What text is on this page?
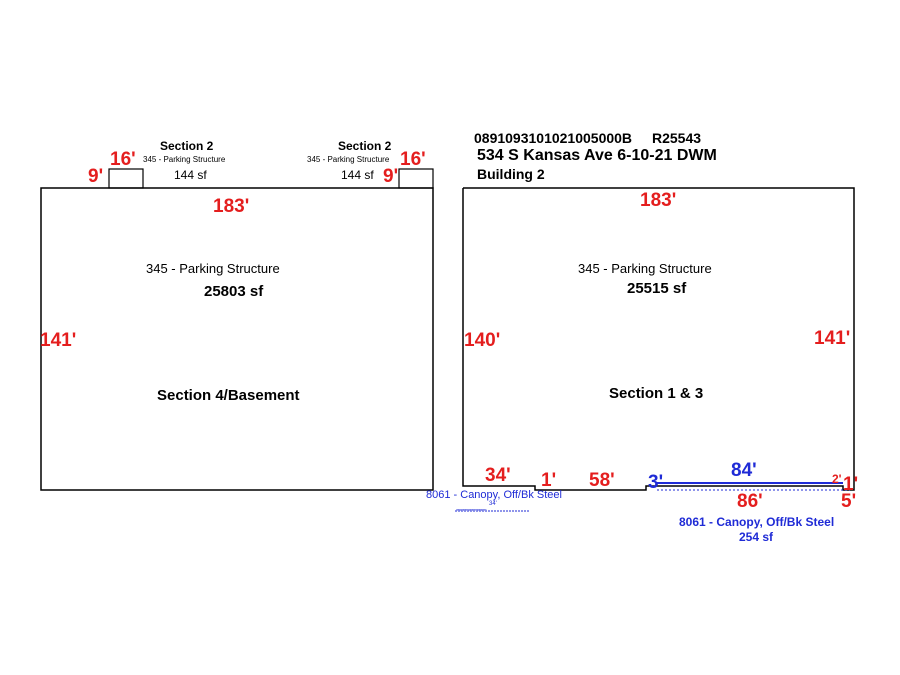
0891093101021005000B R25543
534 S Kansas Ave 6-10-21 DWM
Building 2
Section 2
345 - Parking Structure
144 sf
16'
9'
Section 2
345 - Parking Structure
144 sf
16'
9'
183'
141'
345 - Parking Structure
25803 sf
Section 4/Basement
183'
140'	141'
345 - Parking Structure
25515 sf
Section 1 & 3
34' 1' 58' 3'
84'
86'
2' 1'
5'
8061 - Canopy, Off/Bk Steel
34'
≈≈≈≈≈≈≈≈≈≈≈≈≈
8061 - Canopy, Off/Bk Steel
254 sf
